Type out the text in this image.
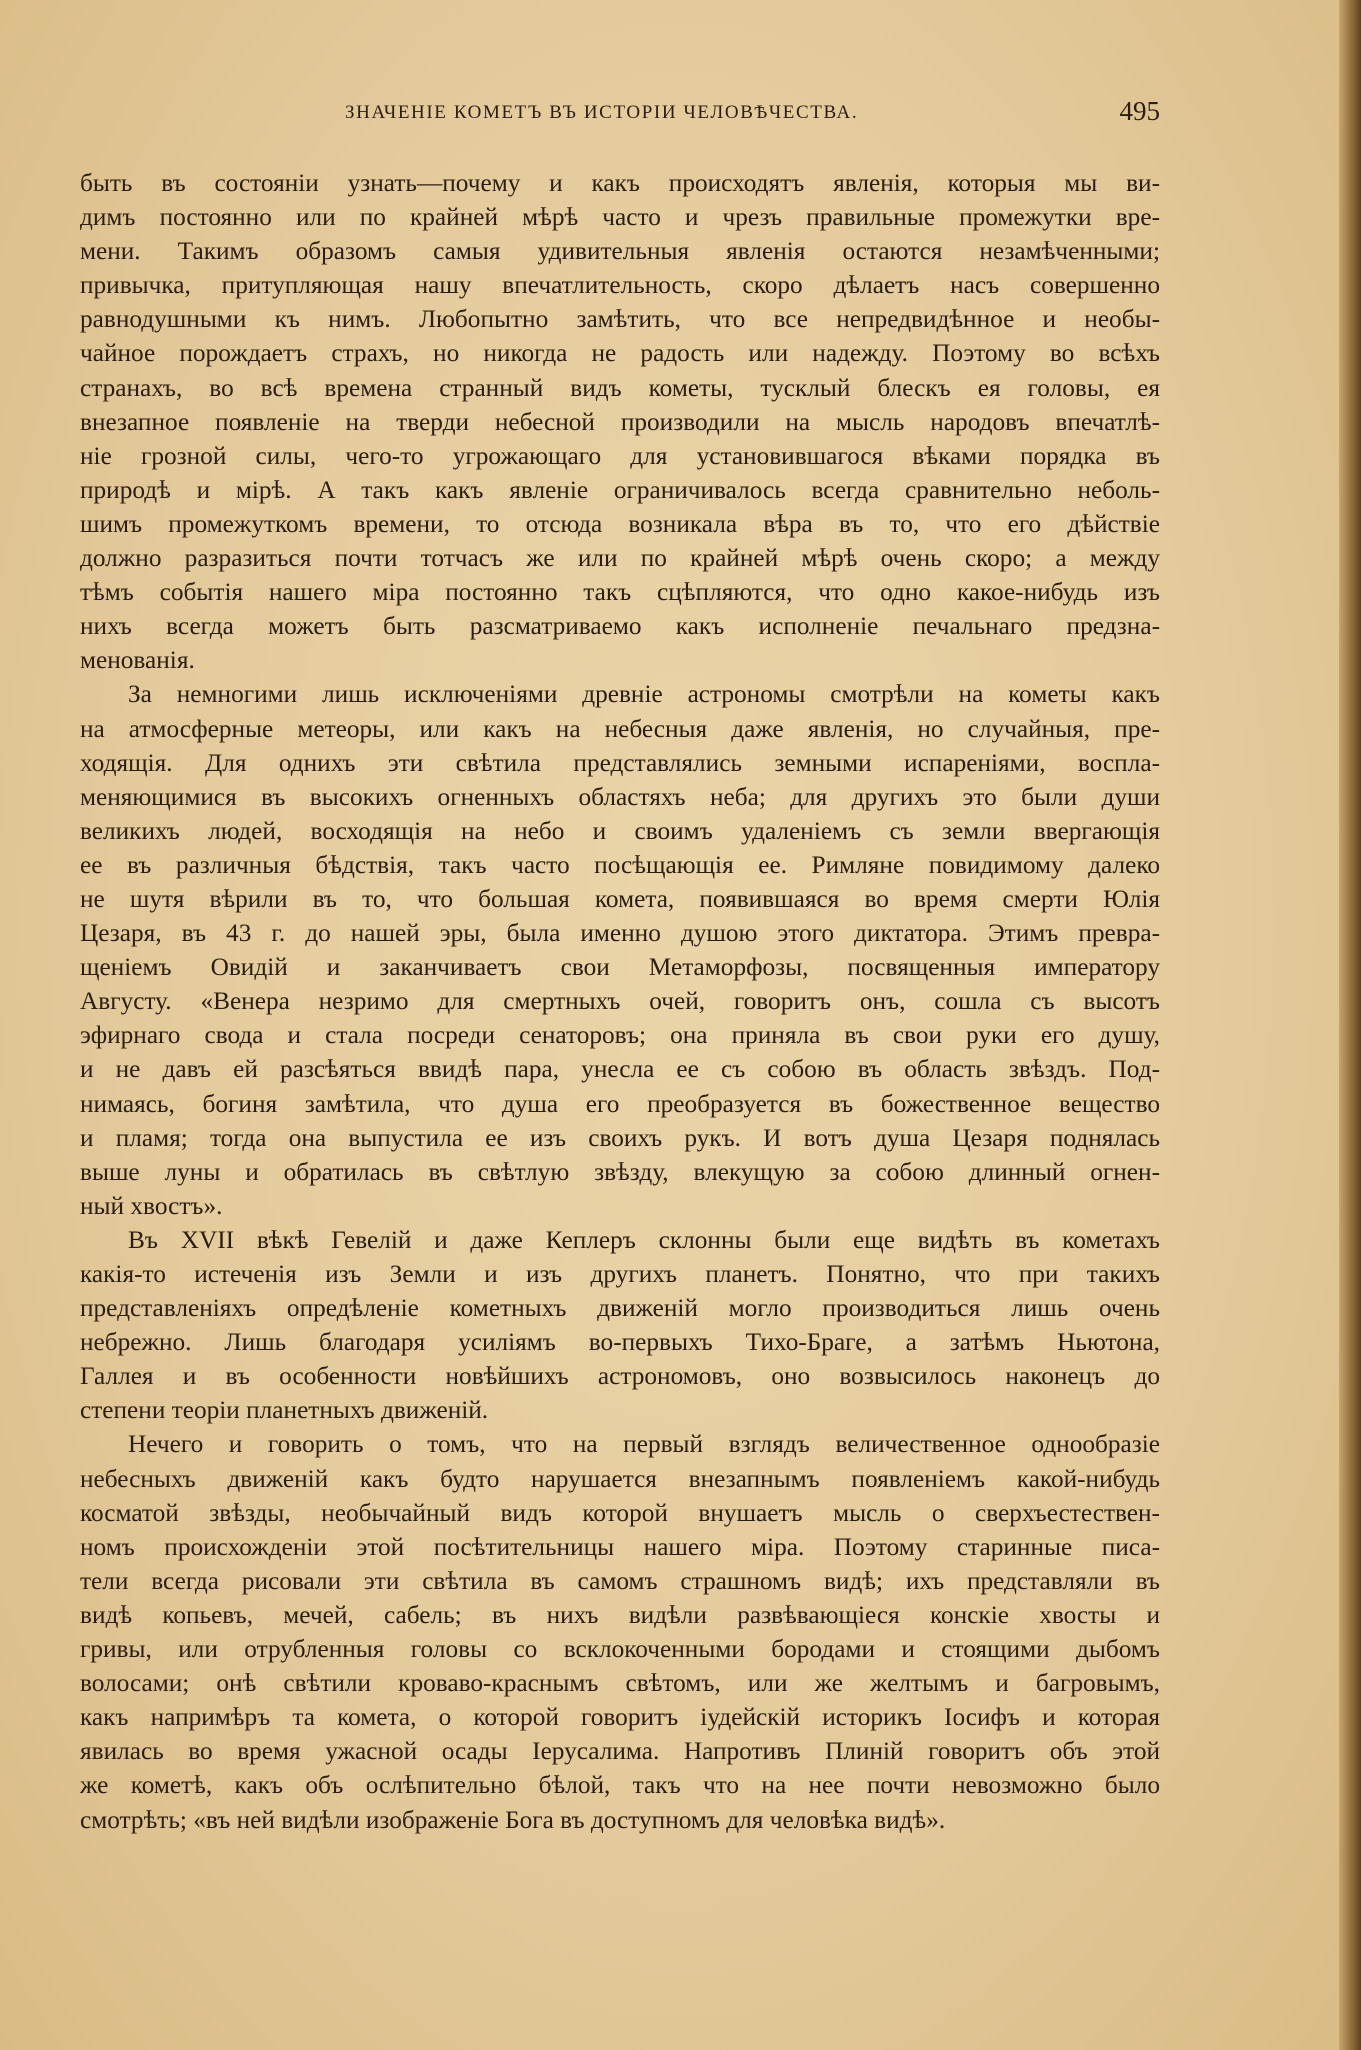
ЗНАЧЕНІЕ КОМЕТЪ ВЪ ИСТОРІИ ЧЕЛОВѢЧЕСТВА.	495
быть въ состояніи узнать—почему и какъ происходятъ явленія, которыя мы ви-
димъ постоянно или по крайней мѣрѣ часто и чрезъ правильные промежутки вре-
мени. Такимъ образомъ самыя удивительныя явленія остаются незамѣченными;
привычка, притупляющая нашу впечатлительность, скоро дѣлаетъ насъ совершенно
равнодушными къ нимъ. Любопытно замѣтить, что все непредвидѣнное и необы-
чайное порождаетъ страхъ, но никогда не радость или надежду. Поэтому во всѣхъ
странахъ, во всѣ времена странный видъ кометы, тусклый блескъ ея головы, ея
внезапное появленіе на тверди небесной производили на мысль народовъ впечатлѣ-
ніе грозной силы, чего-то угрожающаго для установившагося вѣками порядка въ
природѣ и мірѣ. А такъ какъ явленіе ограничивалось всегда сравнительно неболь-
шимъ промежуткомъ времени, то отсюда возникала вѣра въ то, что его дѣйствіе
должно разразиться почти тотчасъ же или по крайней мѣрѣ очень скоро; а между
тѣмъ событія нашего міра постоянно такъ сцѣпляются, что одно какое-нибудь изъ
нихъ всегда можетъ быть разсматриваемо какъ исполненіе печальнаго предзна-
менованія.
За немногими лишь исключеніями древніе астрономы смотрѣли на кометы какъ
на атмосферные метеоры, или какъ на небесныя даже явленія, но случайныя, пре-
ходящія. Для однихъ эти свѣтила представлялись земными испареніями, воспла-
меняющимися въ высокихъ огненныхъ областяхъ неба; для другихъ это были души
великихъ людей, восходящія на небо и своимъ удаленіемъ съ земли ввергающія
ее въ различныя бѣдствія, такъ часто посѣщающія ее. Римляне повидимому далеко
не шутя вѣрили въ то, что большая комета, появившаяся во время смерти Юлія
Цезаря, въ 43 г. до нашей эры, была именно душою этого диктатора. Этимъ превра-
щеніемъ Овидій и заканчиваетъ свои Метаморфозы, посвященныя императору
Августу. «Венера незримо для смертныхъ очей, говоритъ онъ, сошла съ высотъ
эфирнаго свода и стала посреди сенаторовъ; она приняла въ свои руки его душу,
и не давъ ей разсѣяться ввидѣ пара, унесла ее съ собою въ область звѣздъ. Под-
нимаясь, богиня замѣтила, что душа его преобразуется въ божественное вещество
и пламя; тогда она выпустила ее изъ своихъ рукъ. И вотъ душа Цезаря поднялась
выше луны и обратилась въ свѣтлую звѣзду, влекущую за собою длинный огнен-
ный хвостъ».
Въ XVII вѣкѣ Гевелій и даже Кеплеръ склонны были еще видѣть въ кометахъ
какія-то истеченія изъ Земли и изъ другихъ планетъ. Понятно, что при такихъ
представленіяхъ опредѣленіе кометныхъ движеній могло производиться лишь очень
небрежно. Лишь благодаря усиліямъ во-первыхъ Тихо-Браге, а затѣмъ Ньютона,
Галлея и въ особенности новѣйшихъ астрономовъ, оно возвысилось наконецъ до
степени теоріи планетныхъ движеній.
Нечего и говорить о томъ, что на первый взглядъ величественное однообразіе
небесныхъ движеній какъ будто нарушается внезапнымъ появленіемъ какой-нибудь
косматой звѣзды, необычайный видъ которой внушаетъ мысль о сверхъестествен-
номъ происхожденіи этой посѣтительницы нашего міра. Поэтому старинные писа-
тели всегда рисовали эти свѣтила въ самомъ страшномъ видѣ; ихъ представляли въ
видѣ копьевъ, мечей, сабель; въ нихъ видѣли развѣвающіеся конскіе хвосты и
гривы, или отрубленныя головы со всклокоченными бородами и стоящими дыбомъ
волосами; онѣ свѣтили кроваво-краснымъ свѣтомъ, или же желтымъ и багровымъ,
какъ напримѣръ та комета, о которой говоритъ іудейскій историкъ Іосифъ и которая
явилась во время ужасной осады Іерусалима. Напротивъ Плиній говоритъ объ этой
же кометѣ, какъ объ ослѣпительно бѣлой, такъ что на нее почти невозможно было
смотрѣть; «въ ней видѣли изображеніе Бога въ доступномъ для человѣка видѣ».
